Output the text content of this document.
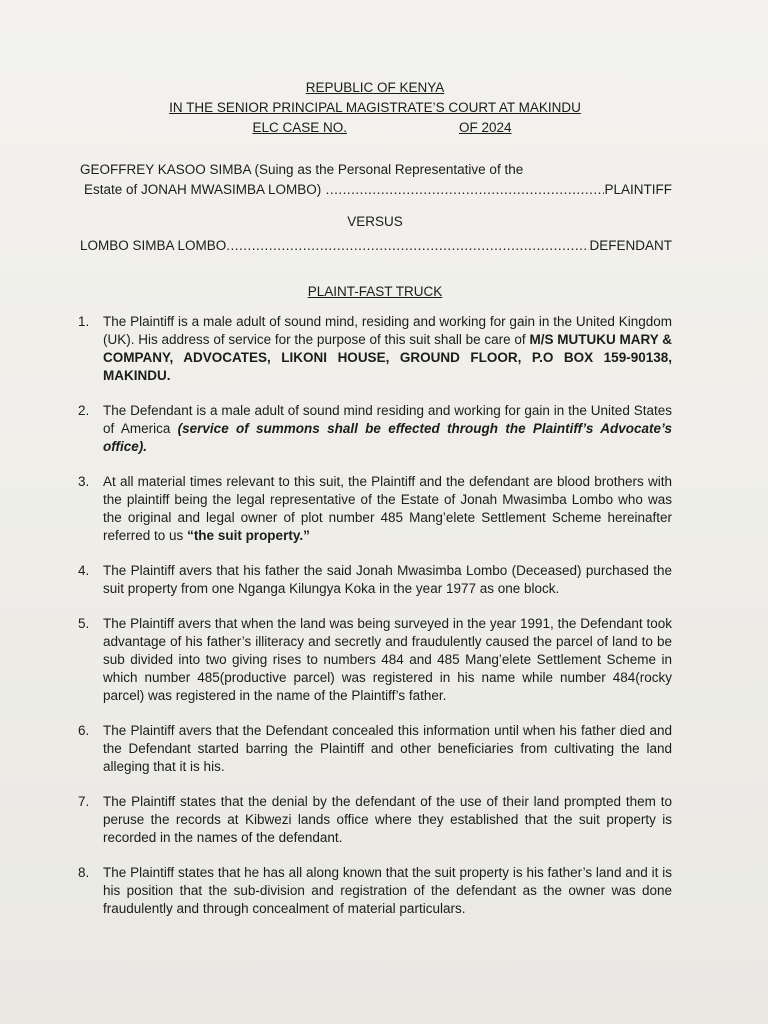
REPUBLIC OF KENYA
IN THE SENIOR PRINCIPAL MAGISTRATE’S COURT AT MAKINDU
ELC CASE NO.	OF 2024
GEOFFREY KASOO SIMBA (Suing as the Personal Representative of the
Estate of JONAH MWASIMBA LOMBO) .....	PLAINTIFF
VERSUS
LOMBO SIMBA LOMBO .....	DEFENDANT
PLAINT-FAST TRUCK
1.	The Plaintiff is a male adult of sound mind, residing and working for gain in the United Kingdom (UK). His address of service for the purpose of this suit shall be care of M/S MUTUKU MARY & COMPANY, ADVOCATES, LIKONI HOUSE, GROUND FLOOR, P.O BOX 159-90138, MAKINDU.
2.	The Defendant is a male adult of sound mind residing and working for gain in the United States of America (service of summons shall be effected through the Plaintiff’s Advocate’s office).
3.	At all material times relevant to this suit, the Plaintiff and the defendant are blood brothers with the plaintiff being the legal representative of the Estate of Jonah Mwasimba Lombo who was the original and legal owner of plot number 485 Mang’elete Settlement Scheme hereinafter referred to us “the suit property.”
4.	The Plaintiff avers that his father the said Jonah Mwasimba Lombo (Deceased) purchased the suit property from one Nganga Kilungya Koka in the year 1977 as one block.
5.	The Plaintiff avers that when the land was being surveyed in the year 1991, the Defendant took advantage of his father’s illiteracy and secretly and fraudulently caused the parcel of land to be sub divided into two giving rises to numbers 484 and 485 Mang’elete Settlement Scheme in which number 485(productive parcel) was registered in his name while number 484(rocky parcel) was registered in the name of the Plaintiff’s father.
6.	The Plaintiff avers that the Defendant concealed this information until when his father died and the Defendant started barring the Plaintiff and other beneficiaries from cultivating the land alleging that it is his.
7.	The Plaintiff states that the denial by the defendant of the use of their land prompted them to peruse the records at Kibwezi lands office where they established that the suit property is recorded in the names of the defendant.
8.	The Plaintiff states that he has all along known that the suit property is his father’s land and it is his position that the sub-division and registration of the defendant as the owner was done fraudulently and through concealment of material particulars.
